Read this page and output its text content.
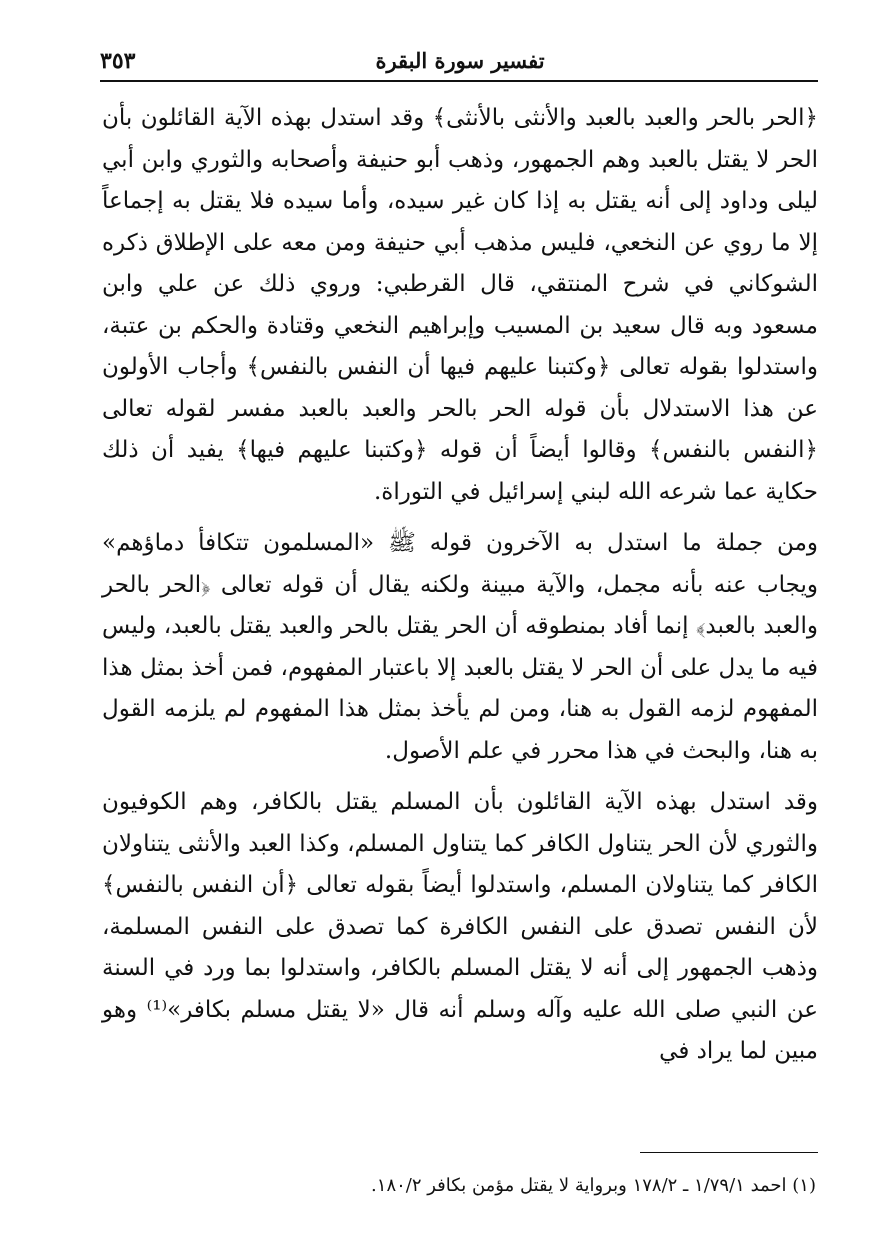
تفسير سورة البقرة
٣٥٣

﴿الحر بالحر والعبد بالعبد والأنثى بالأنثى﴾ وقد استدل بهذه الآية القائلون بأن الحر لا يقتل بالعبد وهم الجمهور، وذهب أبو حنيفة وأصحابه والثوري وابن أبي ليلى وداود إلى أنه يقتل به إذا كان غير سيده، وأما سيده فلا يقتل به إجماعاً إلا ما روي عن النخعي، فليس مذهب أبي حنيفة ومن معه على الإطلاق ذكره الشوكاني في شرح المنتقي، قال القرطبي: وروي ذلك عن علي وابن مسعود وبه قال سعيد بن المسيب وإبراهيم النخعي وقتادة والحكم بن عتبة، واستدلوا بقوله تعالى ﴿وكتبنا عليهم فيها أن النفس بالنفس﴾ وأجاب الأولون عن هذا الاستدلال بأن قوله الحر بالحر والعبد بالعبد مفسر لقوله تعالى ﴿النفس بالنفس﴾ وقالوا أيضاً أن قوله ﴿وكتبنا عليهم فيها﴾ يفيد أن ذلك حكاية عما شرعه الله لبني إسرائيل في التوراة.

ومن جملة ما استدل به الآخرون قوله ﷺ «المسلمون تتكافأ دماؤهم» ويجاب عنه بأنه مجمل، والآية مبينة ولكنه يقال أن قوله تعالى ﴿الحر بالحر والعبد بالعبد﴾ إنما أفاد بمنطوقه أن الحر يقتل بالحر والعبد يقتل بالعبد، وليس فيه ما يدل على أن الحر لا يقتل بالعبد إلا باعتبار المفهوم، فمن أخذ بمثل هذا المفهوم لزمه القول به هنا، ومن لم يأخذ بمثل هذا المفهوم لم يلزمه القول به هنا، والبحث في هذا محرر في علم الأصول.

وقد استدل بهذه الآية القائلون بأن المسلم يقتل بالكافر، وهم الكوفيون والثوري لأن الحر يتناول الكافر كما يتناول المسلم، وكذا العبد والأنثى يتناولان الكافر كما يتناولان المسلم، واستدلوا أيضاً بقوله تعالى ﴿أن النفس بالنفس﴾ لأن النفس تصدق على النفس الكافرة كما تصدق على النفس المسلمة، وذهب الجمهور إلى أنه لا يقتل المسلم بالكافر، واستدلوا بما ورد في السنة عن النبي صلى الله عليه وآله وسلم أنه قال «لا يقتل مسلم بكافر»⁽¹⁾ وهو مبين لما يراد في

(١) احمد ١/٧٩/١ ـ ١٧٨/٢ وبرواية لا يقتل مؤمن بكافر ١٨٠/٢.
